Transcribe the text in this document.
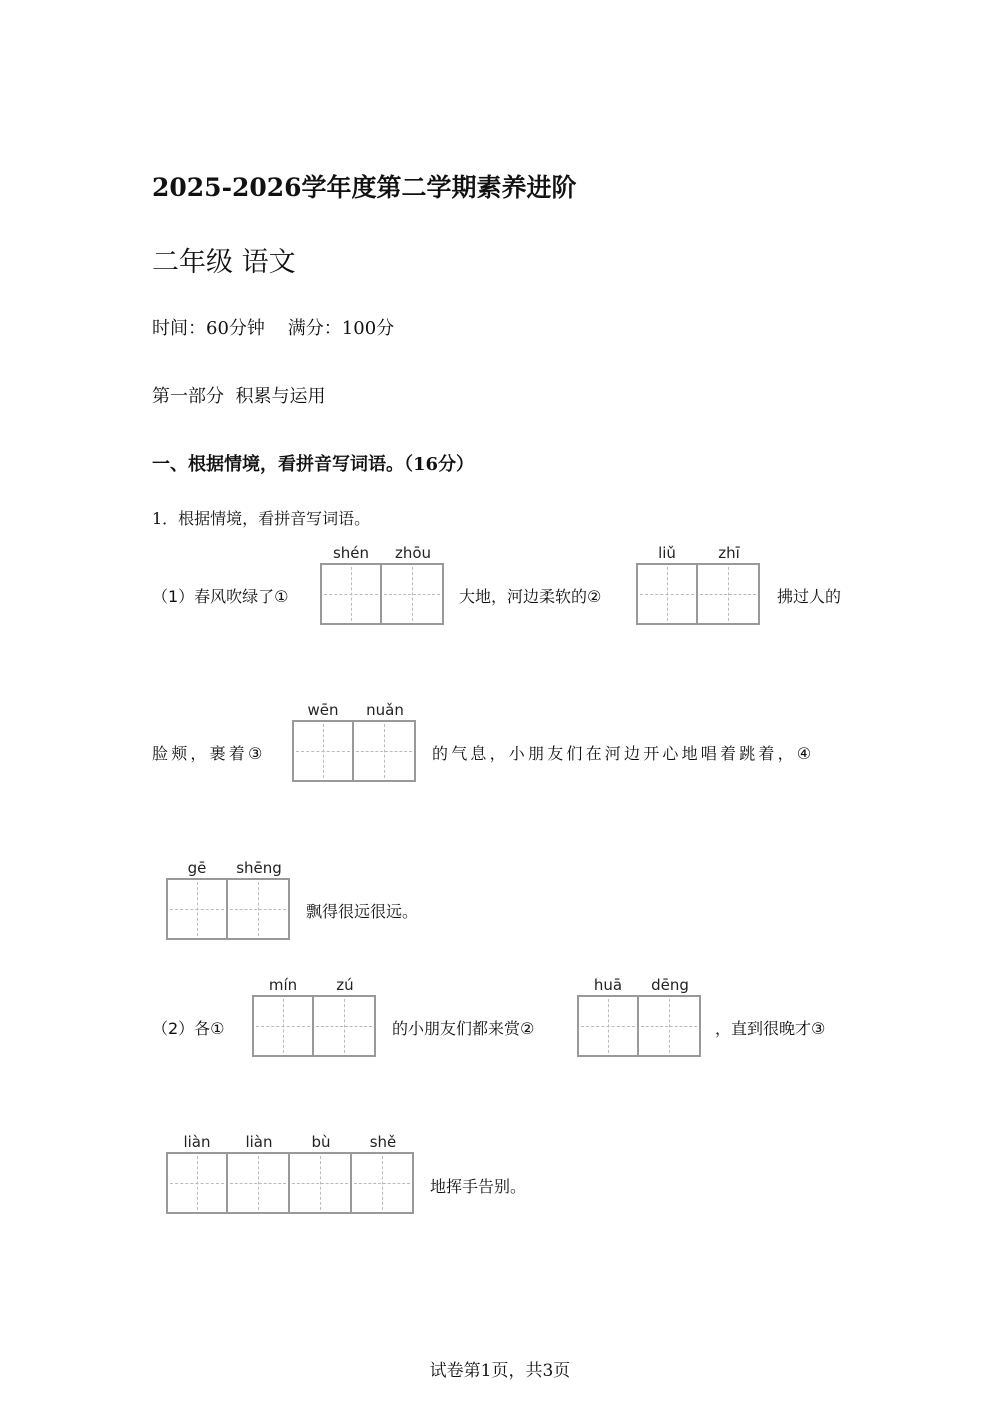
2025-2026学年度第二学期素养进阶
二年级 语文
时间：60分钟    满分：100分
第一部分  积累与运用
一、根据情境，看拼音写词语。（16分）
1．根据情境，看拼音写词语。
（1）春风吹绿了①
shén	zhōu
大地，河边柔软的②
liǔ	zhī
拂过人的
脸颊，裹着③
wēn	nuǎn
的气息，小朋友们在河边开心地唱着跳着，④
gē	shēng
飘得很远很远。
（2）各①
mín	zú
的小朋友们都来赏②
huā	dēng
，直到很晚才③
liàn	liàn	bù	shě
地挥手告别。
试卷第1页，共3页
